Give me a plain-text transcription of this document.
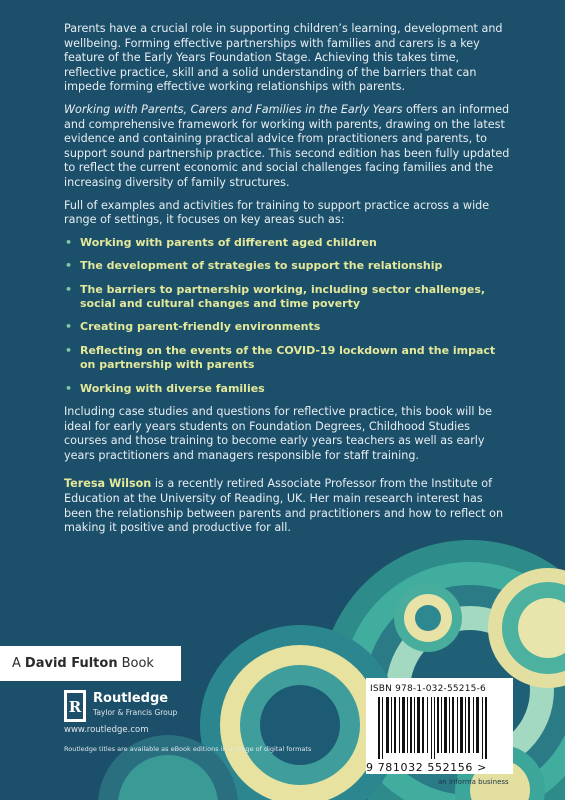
Parents have a crucial role in supporting children’s learning, development and wellbeing. Forming effective partnerships with families and carers is a key feature of the Early Years Foundation Stage. Achieving this takes time, reflective practice, skill and a solid understanding of the barriers that can impede forming effective working relationships with parents.

Working with Parents, Carers and Families in the Early Years offers an informed and comprehensive framework for working with parents, drawing on the latest evidence and containing practical advice from practitioners and parents, to support sound partnership practice. This second edition has been fully updated to reflect the current economic and social challenges facing families and the increasing diversity of family structures.

Full of examples and activities for training to support practice across a wide range of settings, it focuses on key areas such as:

• Working with parents of different aged children
• The development of strategies to support the relationship
• The barriers to partnership working, including sector challenges, social and cultural changes and time poverty
• Creating parent-friendly environments
• Reflecting on the events of the COVID-19 lockdown and the impact on partnership with parents
• Working with diverse families

Including case studies and questions for reflective practice, this book will be ideal for early years students on Foundation Degrees, Childhood Studies courses and those training to become early years teachers as well as early years practitioners and managers responsible for staff training.

Teresa Wilson is a recently retired Associate Professor from the Institute of Education at the University of Reading, UK. Her main research interest has been the relationship between parents and practitioners and how to reflect on making it positive and productive for all.

A David Fulton Book
R Routledge
Taylor & Francis Group
www.routledge.com
Routledge titles are available as eBook editions in a range of digital formats
ISBN 978-1-032-55215-6
9 781032 552156 >
an informa business
